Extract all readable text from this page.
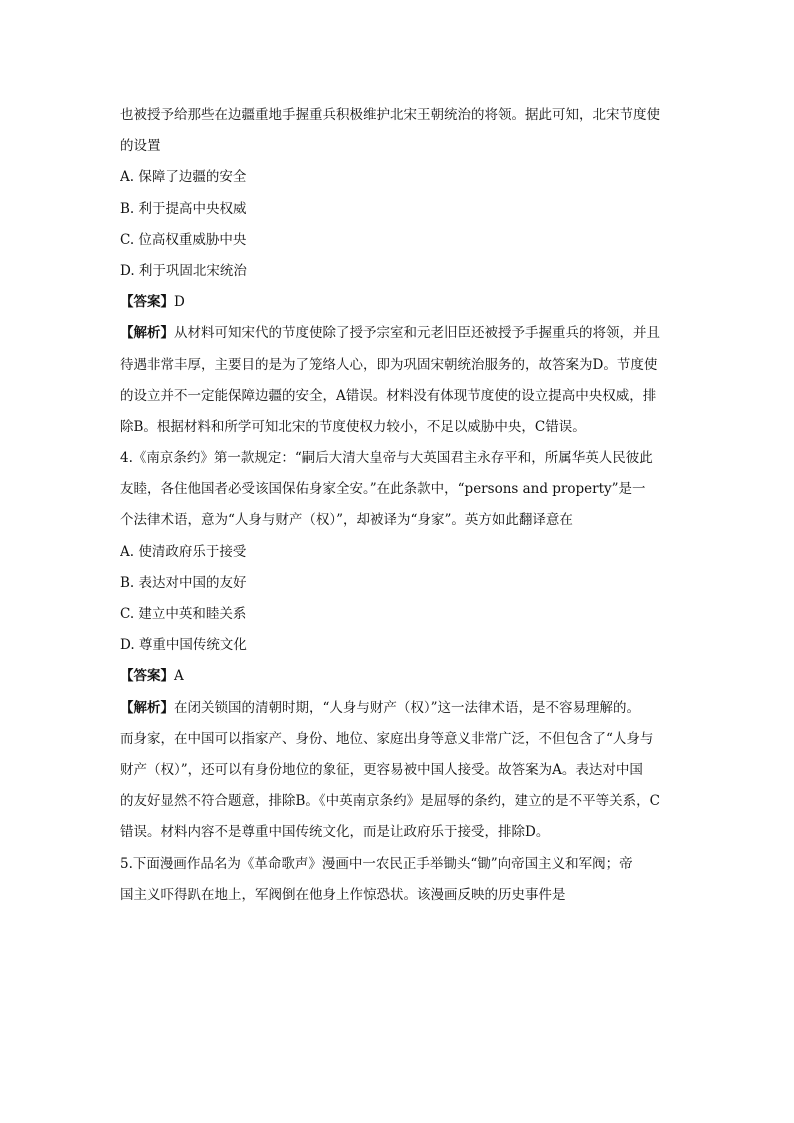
也被授予给那些在边疆重地手握重兵积极维护北宋王朝统治的将领。据此可知，北宋节度使
的设置
A. 保障了边疆的安全
B. 利于提高中央权威
C. 位高权重威胁中央
D. 利于巩固北宋统治
【答案】D
【解析】从材料可知宋代的节度使除了授予宗室和元老旧臣还被授予手握重兵的将领，并且
待遇非常丰厚，主要目的是为了笼络人心，即为巩固宋朝统治服务的，故答案为D。节度使
的设立并不一定能保障边疆的安全，A错误。材料没有体现节度使的设立提高中央权威，排
除B。根据材料和所学可知北宋的节度使权力较小，不足以威胁中央，C错误。
4.《南京条约》第一款规定：“嗣后大清大皇帝与大英国君主永存平和，所属华英人民彼此
友睦，各住他国者必受该国保佑身家全安。”在此条款中，“persons and property”是一
个法律术语，意为“人身与财产（权）”，却被译为“身家”。英方如此翻译意在
A. 使清政府乐于接受
B. 表达对中国的友好
C. 建立中英和睦关系
D. 尊重中国传统文化
【答案】A
【解析】在闭关锁国的清朝时期，“人身与财产（权）”这一法律术语，是不容易理解的。
而身家，在中国可以指家产、身份、地位、家庭出身等意义非常广泛，不但包含了“人身与
财产（权）”，还可以有身份地位的象征，更容易被中国人接受。故答案为A。表达对中国
的友好显然不符合题意，排除B。《中英南京条约》是屈辱的条约，建立的是不平等关系，C
错误。材料内容不是尊重中国传统文化，而是让政府乐于接受，排除D。
5.下面漫画作品名为《革命歌声》漫画中一农民正手举锄头“锄”向帝国主义和军阀；帝
国主义吓得趴在地上，军阀倒在他身上作惊恐状。该漫画反映的历史事件是
